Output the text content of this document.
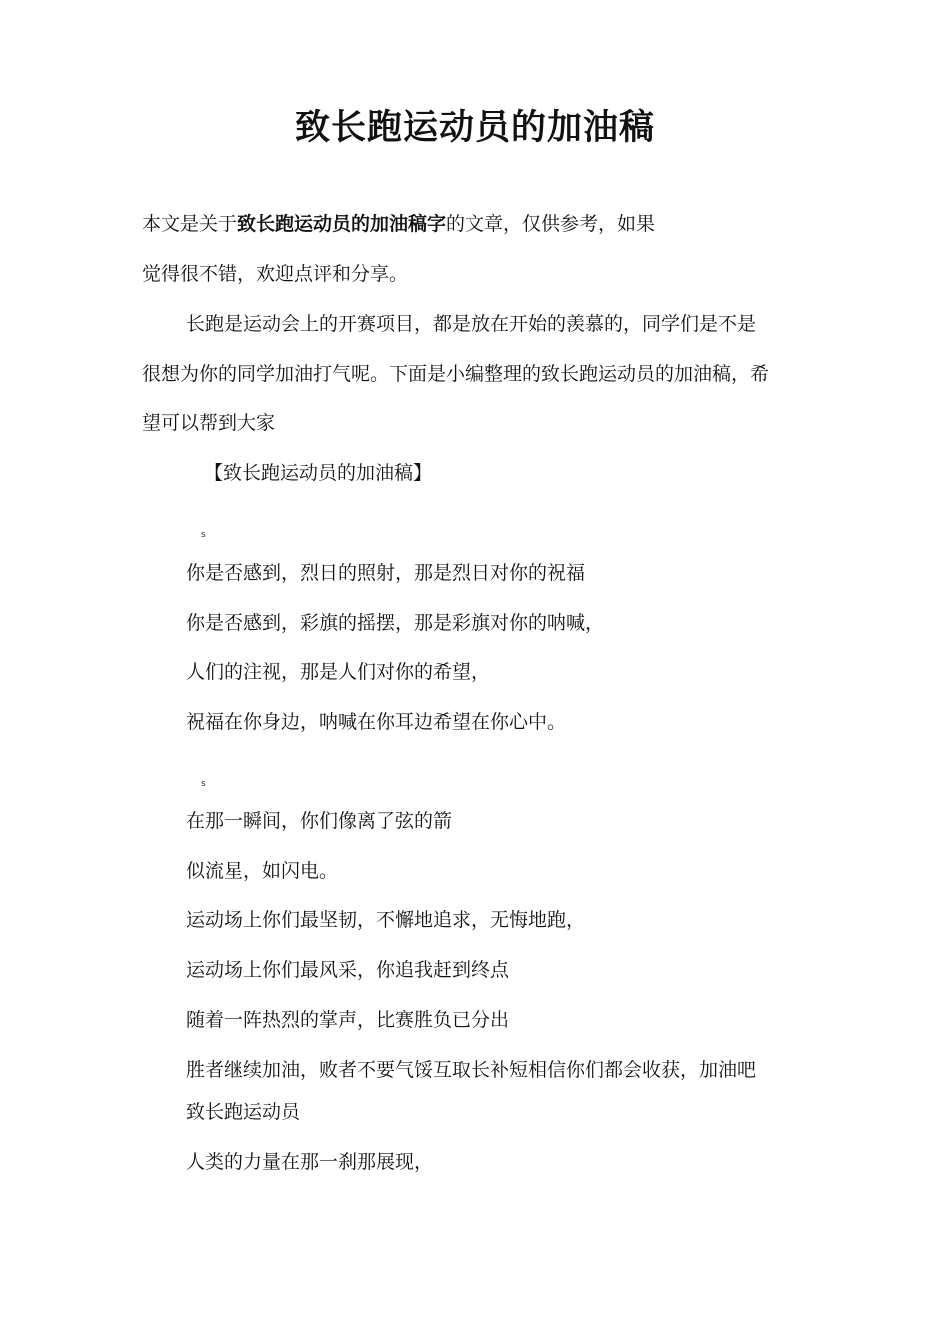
致长跑运动员的加油稿
本文是关于致长跑运动员的加油稿字的文章，仅供参考，如果
觉得很不错，欢迎点评和分享。
长跑是运动会上的开赛项目，都是放在开始的羡慕的，同学们是不是
很想为你的同学加油打气呢。下面是小编整理的致长跑运动员的加油稿，希
望可以帮到大家
【致长跑运动员的加油稿】
s
你是否感到，烈日的照射，那是烈日对你的祝福
你是否感到，彩旗的摇摆，那是彩旗对你的呐喊，
人们的注视，那是人们对你的希望，
祝福在你身边，呐喊在你耳边希望在你心中。
s
在那一瞬间，你们像离了弦的箭
似流星，如闪电。
运动场上你们最坚韧，不懈地追求，无悔地跑，
运动场上你们最风采，你追我赶到终点
随着一阵热烈的掌声，比赛胜负已分出
胜者继续加油，败者不要气馁互取长补短相信你们都会收获，加油吧
致长跑运动员
人类的力量在那一刹那展现，
